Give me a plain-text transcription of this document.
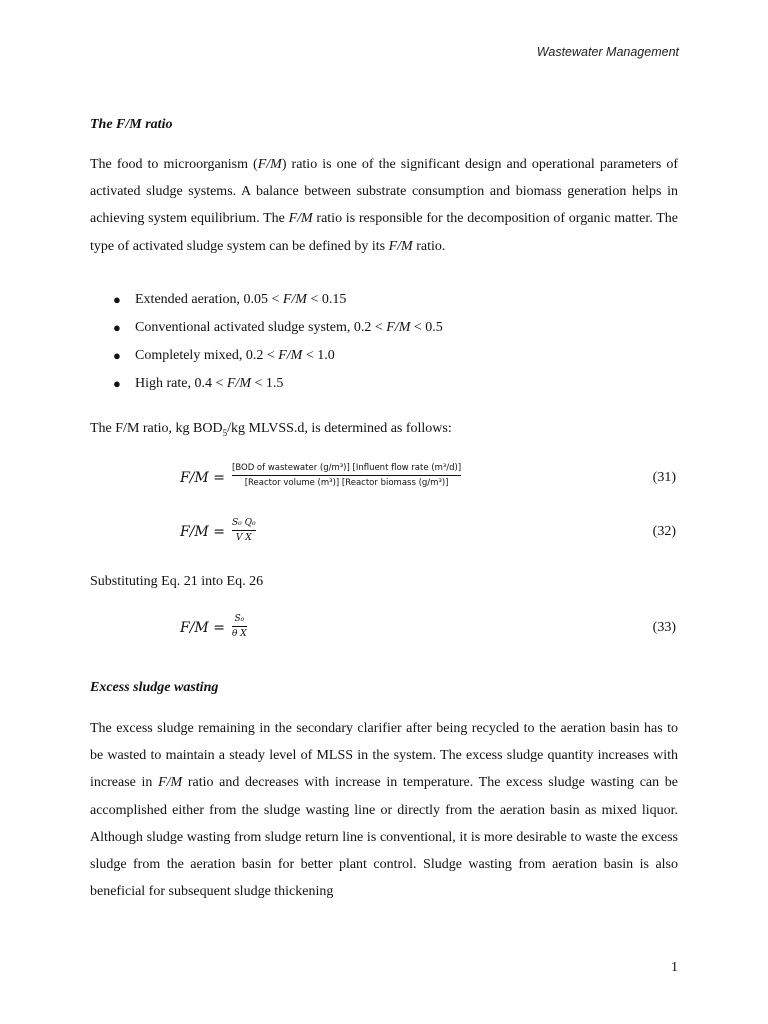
Wastewater Management
The F/M ratio
The food to microorganism (F/M) ratio is one of the significant design and operational parameters of activated sludge systems. A balance between substrate consumption and biomass generation helps in achieving system equilibrium. The F/M ratio is responsible for the decomposition of organic matter. The type of activated sludge system can be defined by its F/M ratio.
● Extended aeration, 0.05 < F/M < 0.15
● Conventional activated sludge system, 0.2 < F/M < 0.5
● Completely mixed, 0.2 < F/M < 1.0
● High rate, 0.4 < F/M < 1.5
The F/M ratio, kg $BOD_5/kg$ MLVSS.d, is determined as follows:
F/M =
[BOD of wastewater (g/m³)] [Influent flow rate (m³/d)]
[Reactor volume (m³)] [Reactor biomass (g/m³)]	(31)
$F/M = \frac{\text{S₀ Q₀}}{\text{V X}}$	(32)
Substituting Eq. 21 into Eq. 26
$F/M = \frac{\text{S₀}}{\text{θ X}}$	(33)
Excess sludge wasting
The excess sludge remaining in the secondary clarifier after being recycled to the aeration basin has to be wasted to maintain a steady level of MLSS in the system. The excess sludge quantity increases with increase in F/M ratio and decreases with increase in temperature. The excess sludge wasting can be accomplished either from the sludge wasting line or directly from the aeration basin as mixed liquor. Although sludge wasting from sludge return line is conventional, it is more desirable to waste the excess sludge from the aeration basin for better plant control. Sludge wasting from aeration basin is also beneficial for subsequent sludge thickening
1
